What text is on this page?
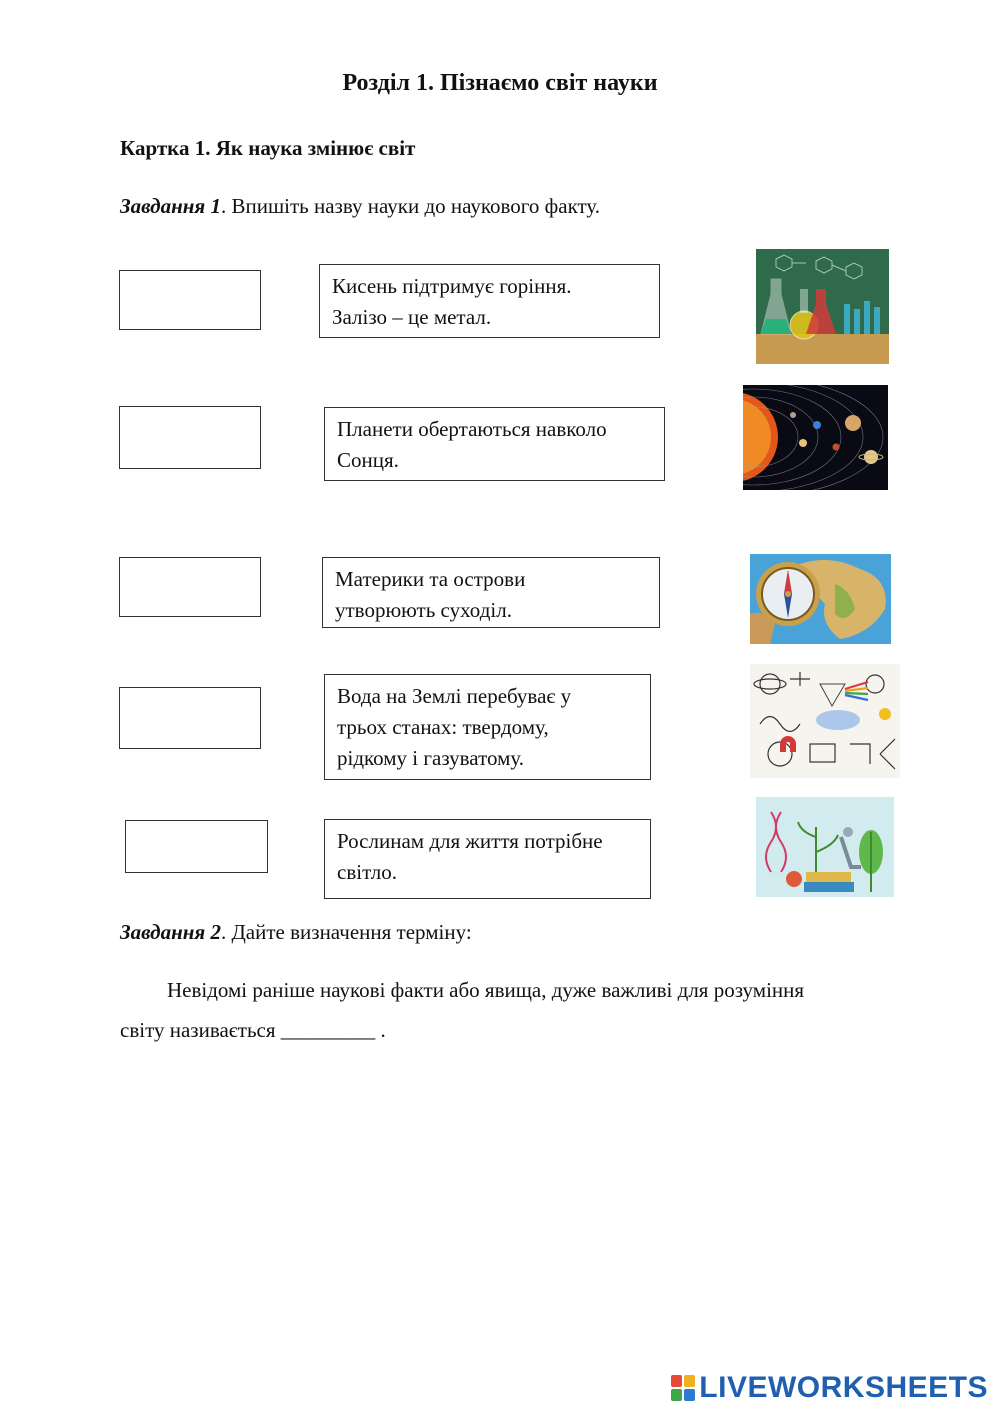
Розділ 1. Пізнаємо світ науки
Картка 1. Як наука змінює світ
Завдання 1. Впишіть назву науки до наукового факту.
Кисень підтримує горіння.
Залізо – це метал.
Планети обертаються навколо
Сонця.
Материки та острови
утворюють суходіл.
Вода на Землі перебуває у
трьох станах: твердому,
рідкому і газуватому.
Рослинам для життя потрібне
світло.
Завдання 2. Дайте визначення терміну:
Невідомі раніше наукові факти або явища, дуже важливі для розуміння
світу називається _________ .
LIVEWORKSHEETS
